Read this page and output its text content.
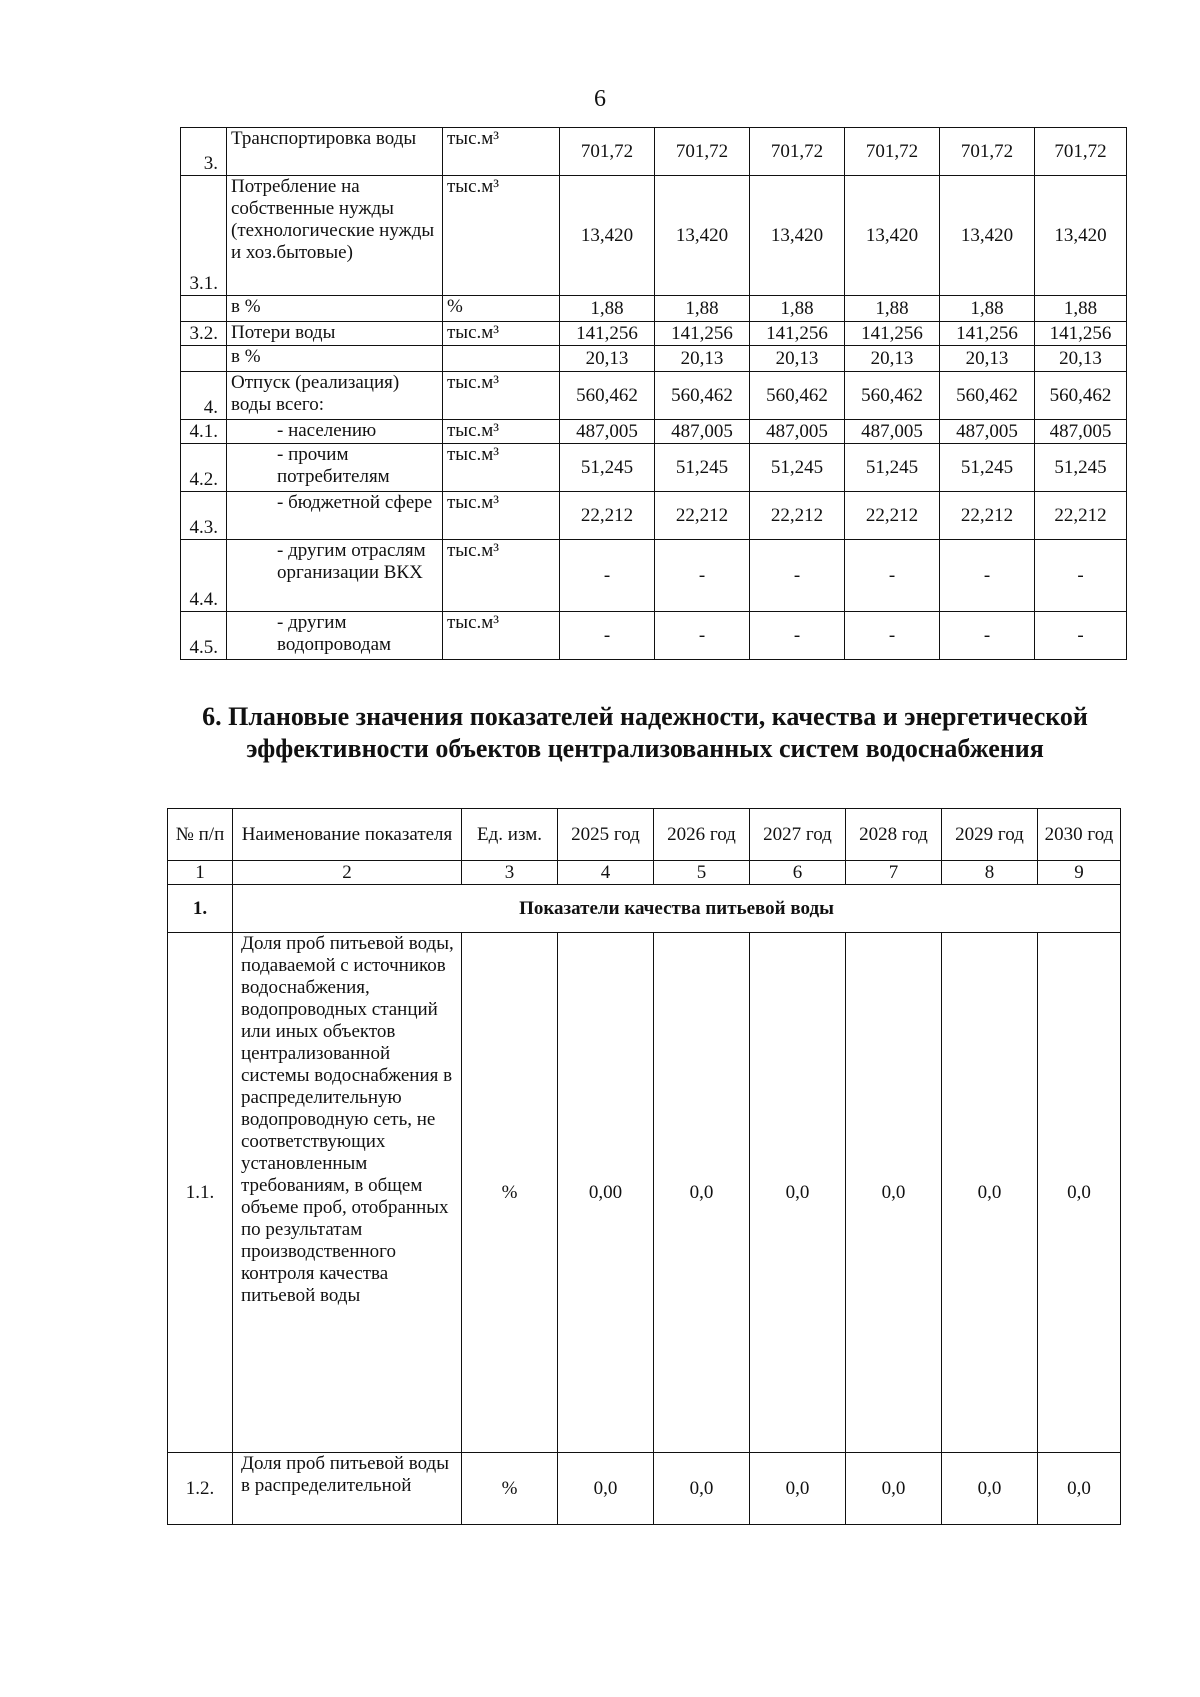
6
3.	Транспортировка воды	тыс.м³	701,72	701,72	701,72	701,72	701,72	701,72
3.1.	Потребление на собственные нужды (технологические нужды и хоз.бытовые)	тыс.м³	13,420	13,420	13,420	13,420	13,420	13,420
	в %	%	1,88	1,88	1,88	1,88	1,88	1,88
3.2.	Потери воды	тыс.м³	141,256	141,256	141,256	141,256	141,256	141,256
	в %		20,13	20,13	20,13	20,13	20,13	20,13
4.	Отпуск (реализация) воды всего:	тыс.м³	560,462	560,462	560,462	560,462	560,462	560,462
4.1.	- населению	тыс.м³	487,005	487,005	487,005	487,005	487,005	487,005
4.2.	- прочим потребителям	тыс.м³	51,245	51,245	51,245	51,245	51,245	51,245
4.3.	- бюджетной сфере	тыс.м³	22,212	22,212	22,212	22,212	22,212	22,212
4.4.	- другим отраслям организации ВКХ	тыс.м³	-	-	-	-	-	-
4.5.	- другим водопроводам	тыс.м³	-	-	-	-	-	-
6. Плановые значения показателей надежности, качества и энергетической эффективности объектов централизованных систем водоснабжения
№ п/п	Наименование показателя	Ед. изм.	2025 год	2026 год	2027 год	2028 год	2029 год	2030 год
1	2	3	4	5	6	7	8	9
1.	Показатели качества питьевой воды							
1.1.	Доля проб питьевой воды, подаваемой с источников водоснабжения, водопроводных станций или иных объектов централизованной системы водоснабжения в распределительную водопроводную сеть, не соответствующих установленным требованиям, в общем объеме проб, отобранных по результатам производственного контроля качества питьевой воды	%	0,00	0,0	0,0	0,0	0,0	0,0
1.2.	Доля проб питьевой воды в распределительной	%	0,0	0,0	0,0	0,0	0,0	0,0
